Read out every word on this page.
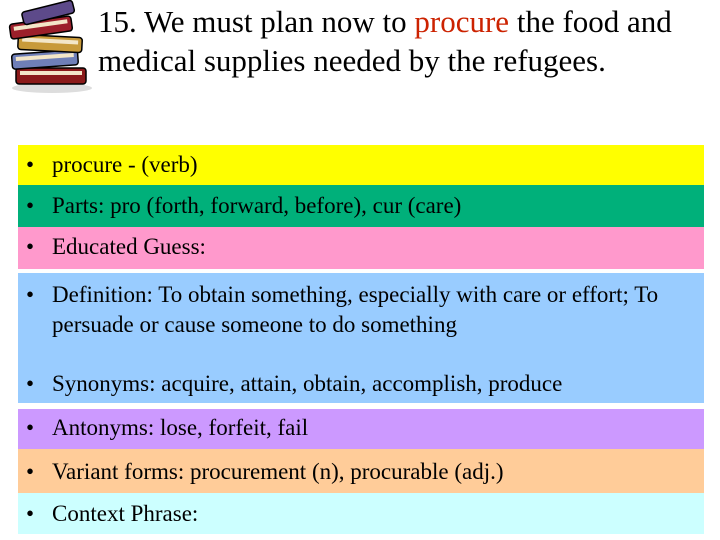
15. We must plan now to procure the food and medical supplies needed by the refugees.
• procure - (verb)
• Parts: pro (forth, forward, before), cur (care)
• Educated Guess:
• Definition: To obtain something, especially with care or effort; To persuade or cause someone to do something
• Synonyms: acquire, attain, obtain, accomplish, produce
• Antonyms: lose, forfeit, fail
• Variant forms: procurement (n), procurable (adj.)
• Context Phrase:
